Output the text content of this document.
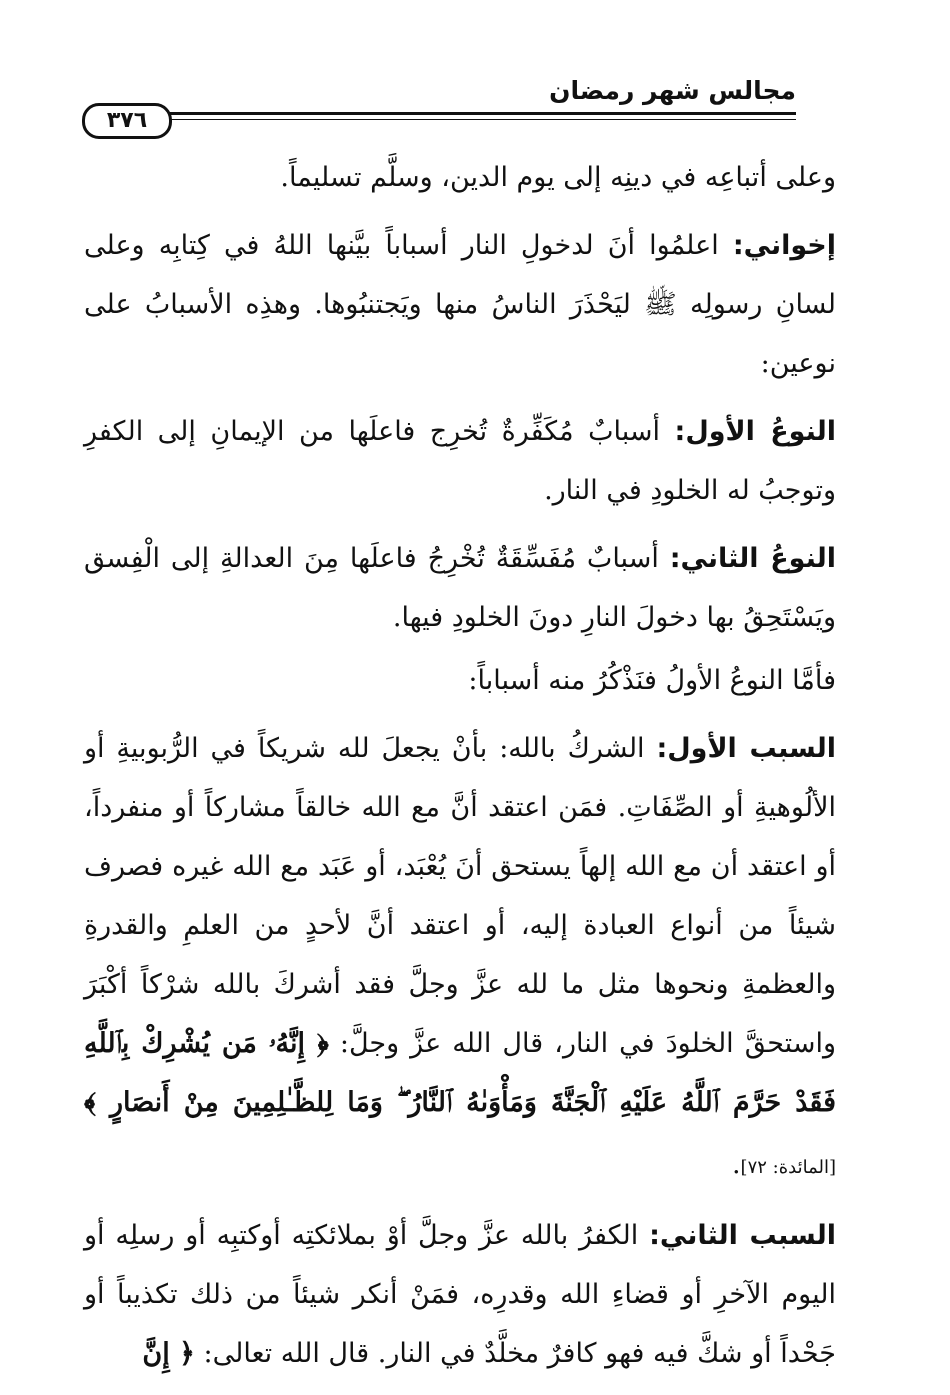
مجالس شهر رمضان
٣٧٦

وعلى أتباعِه في دينِه إلى يوم الدين، وسلَّم تسليماً.

إخواني: اعلمُوا أنَ لدخولِ النار أسباباً بيَّنها اللهُ في كِتابِه وعلى لسانِ رسولِه ﷺ ليَحْذَرَ الناسُ منها ويَجتنبُوها. وهذِه الأسبابُ على نوعين:

النوعُ الأول: أسبابٌ مُكَفِّرةٌ تُخرِج فاعلَها من الإيمانِ إلى الكفرِ وتوجبُ له الخلودِ في النار.

النوعُ الثاني: أسبابٌ مُفَسِّقَةٌ تُخْرِجُ فاعلَها مِنَ العدالةِ إلى الْفِسق ويَسْتَحِقُ بها دخولَ النارِ دونَ الخلودِ فيها.

فأمَّا النوعُ الأولُ فنَذْكُرُ منه أسباباً:

السبب الأول: الشركُ بالله: بأنْ يجعلَ لله شريكاً في الرُّبوبيةِ أو الألُوهيةِ أو الصِّفَاتِ. فمَن اعتقد أنَّ مع الله خالقاً مشاركاً أو منفرداً، أو اعتقد أن مع الله إلهاً يستحق أنَ يُعْبَد، أو عَبَد مع الله غيره فصرف شيئاً من أنواع العبادة إليه، أو اعتقد أنَّ لأحدٍ من العلمِ والقدرةِ والعظمةِ ونحوها مثل ما لله عزَّ وجلَّ فقد أشركَ بالله شرْكاً أكْبَرَ واستحقَّ الخلودَ في النار، قال الله عزَّ وجلَّ: ﴿ إِنَّهُۥ مَن يُشْرِكْ بِٱللَّهِ فَقَدْ حَرَّمَ ٱللَّهُ عَلَيْهِ ٱلْجَنَّةَ وَمَأْوَىٰهُ ٱلنَّارُ ۖ وَمَا لِلظَّـٰلِمِينَ مِنْ أَنصَارٍ ﴾ [المائدة: ٧٢].

السبب الثاني: الكفرُ بالله عزَّ وجلَّ أوْ بملائكتِه أوكتبِه أو رسلِه أو اليوم الآخرِ أو قضاءِ الله وقدرِه، فمَنْ أنكر شيئاً من ذلك تكذيباً أو جَحْداً أو شكَّ فيه فهو كافرٌ مخلَّدٌ في النار. قال الله تعالى: ﴿ إِنَّ
